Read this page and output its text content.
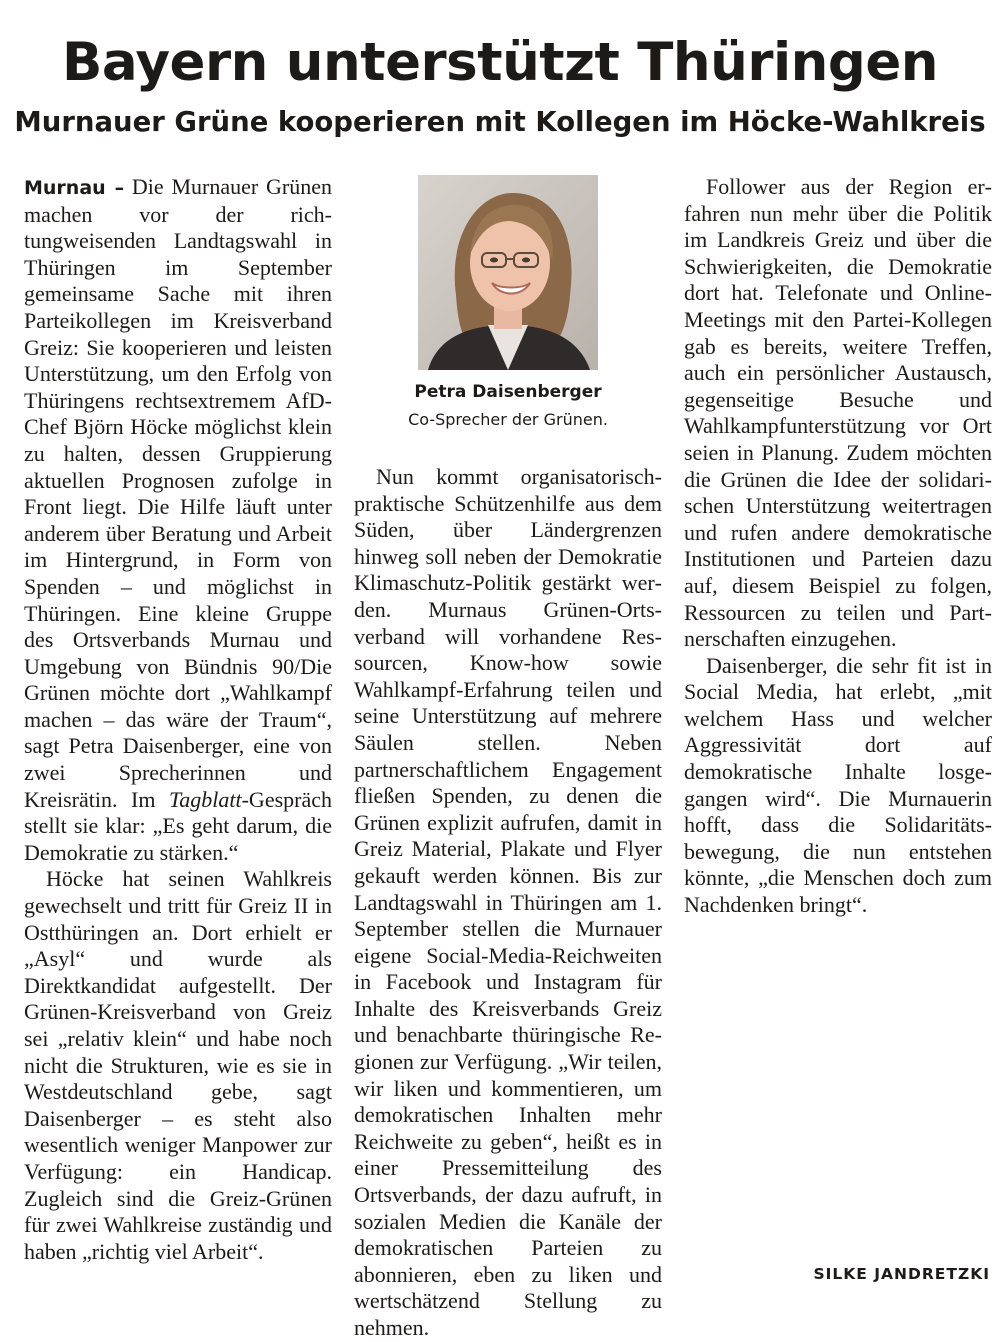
Bayern unterstützt Thüringen
Murnauer Grüne kooperieren mit Kollegen im Höcke-Wahlkreis

Murnau – Die Murnauer Grünen machen vor der richtungweisenden Landtagswahl in Thüringen im September gemeinsame Sache mit ihren Parteikollegen im Kreisverband Greiz: Sie kooperieren und leisten Unterstützung, um den Erfolg von Thüringens rechtsextremem AfD-Chef Björn Höcke möglichst klein zu halten, dessen Gruppierung aktuellen Prognosen zufolge in Front liegt. Die Hilfe läuft unter anderem über Beratung und Arbeit im Hintergrund, in Form von Spenden – und möglichst in Thüringen. Eine kleine Gruppe des Ortsverbands Murnau und Umgebung von Bündnis 90/Die Grünen möchte dort „Wahlkampf machen – das wäre der Traum“, sagt Petra Daisenberger, eine von zwei Sprecherinnen und Kreisrätin. Im Tagblatt-Gespräch stellt sie klar: „Es geht darum, die Demokratie zu stärken.“

Höcke hat seinen Wahlkreis gewechselt und tritt für Greiz II in Ostthüringen an. Dort erhielt er „Asyl“ und wurde als Direktkandidat aufgestellt. Der Grünen-Kreisverband von Greiz sei „relativ klein“ und habe noch nicht die Strukturen, wie es sie in Westdeutschland gebe, sagt Daisenberger – es steht also wesentlich weniger Manpower zur Verfügung: ein Handicap. Zugleich sind die Greiz-Grünen für zwei Wahlkreise zuständig und haben „richtig viel Arbeit“.

Petra Daisenberger
Co-Sprecher der Grünen.

Nun kommt organisatorisch-praktische Schützenhilfe aus dem Süden, über Ländergrenzen hinweg soll neben der Demokratie Klimaschutz-Politik gestärkt werden. Murnaus Grünen-Ortsverband will vorhandene Ressourcen, Know-how sowie Wahlkampf-Erfahrung teilen und seine Unterstützung auf mehrere Säulen stellen. Neben partnerschaftlichem Engagement fließen Spenden, zu denen die Grünen explizit aufrufen, damit in Greiz Material, Plakate und Flyer gekauft werden können. Bis zur Landtagswahl in Thüringen am 1. September stellen die Murnauer eigene Social-Media-Reichweiten in Facebook und Instagram für Inhalte des Kreisverbands Greiz und benachbarte thüringische Regionen zur Verfügung. „Wir teilen, wir liken und kommentieren, um demokratischen Inhalten mehr Reichweite zu geben“, heißt es in einer Pressemitteilung des Ortsverbands, der dazu aufruft, in sozialen Medien die Kanäle der demokratischen Parteien zu abonnieren, eben zu liken und wertschätzend Stellung zu nehmen.

Follower aus der Region erfahren nun mehr über die Politik im Landkreis Greiz und über die Schwierigkeiten, die Demokratie dort hat. Telefonate und Online-Meetings mit den Partei-Kollegen gab es bereits, weitere Treffen, auch ein persönlicher Austausch, gegenseitige Besuche und Wahlkampfunterstützung vor Ort seien in Planung. Zudem möchten die Grünen die Idee der solidarischen Unterstützung weitertragen und rufen andere demokratische Institutionen und Parteien dazu auf, diesem Beispiel zu folgen, Ressourcen zu teilen und Partnerschaften einzugehen.

Daisenberger, die sehr fit ist in Social Media, hat erlebt, „mit welchem Hass und welcher Aggressivität dort auf demokratische Inhalte losgegangen wird“. Die Murnauerin hofft, dass die Solidaritätsbewegung, die nun entstehen könnte, „die Menschen doch zum Nachdenken bringt“.

SILKE JANDRETZKI
